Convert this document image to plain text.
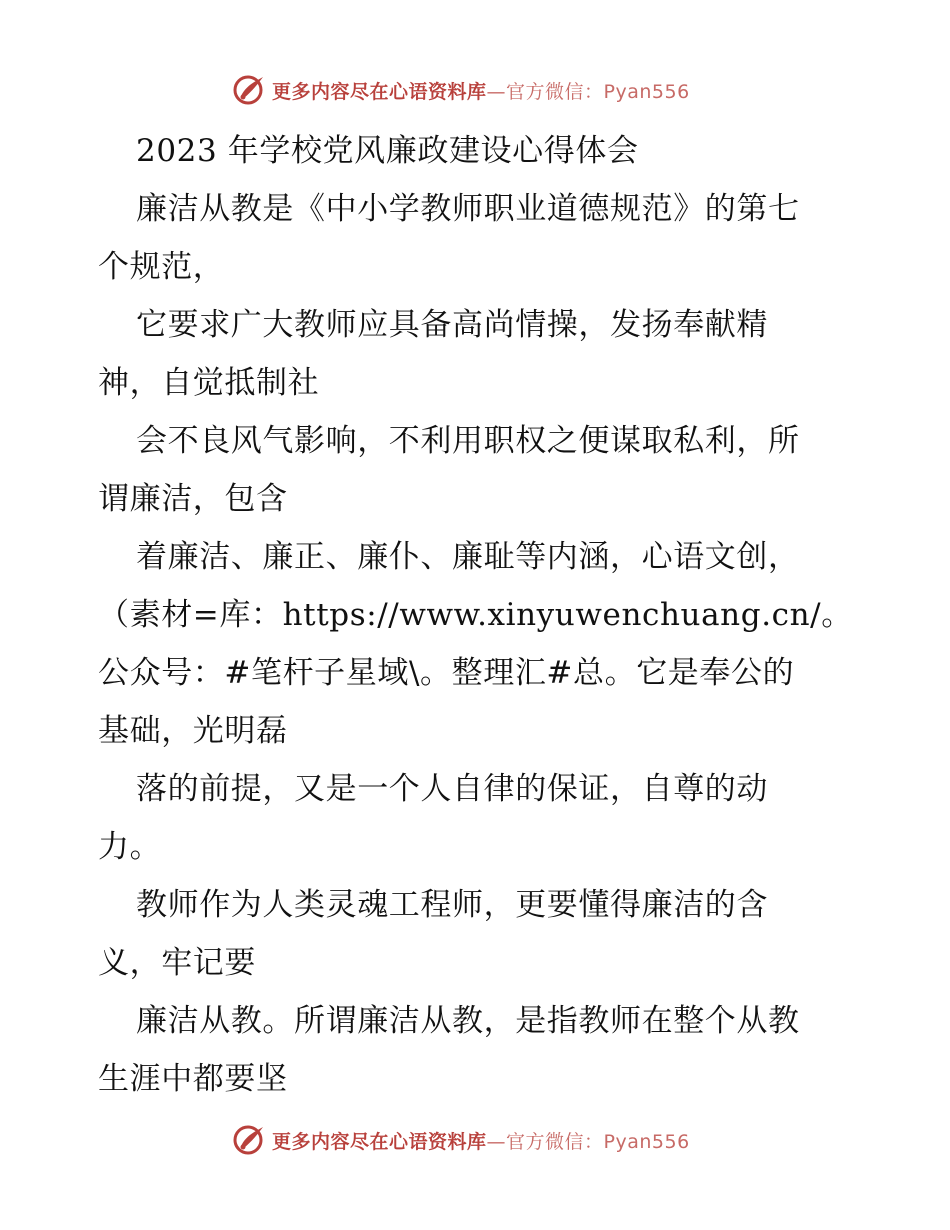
更多内容尽在心语资料库 —官方微信：Pyan556
2023 年学校党风廉政建设心得体会
廉洁从教是《中小学教师职业道德规范》的第七
个规范，
它要求广大教师应具备高尚情操，发扬奉献精
神，自觉抵制社
会不良风气影响，不利用职权之便谋取私利，所
谓廉洁，包含
着廉洁、廉正、廉仆、廉耻等内涵，心语文创，
（素材=库：https://www.xinyuwenchuang.cn/。
公众号：#笔杆子星域\。整理汇#总。它是奉公的
基础，光明磊
落的前提，又是一个人自律的保证，自尊的动
力。
教师作为人类灵魂工程师，更要懂得廉洁的含
义，牢记要
廉洁从教。所谓廉洁从教，是指教师在整个从教
生涯中都要坚
更多内容尽在心语资料库 —官方微信：Pyan556
